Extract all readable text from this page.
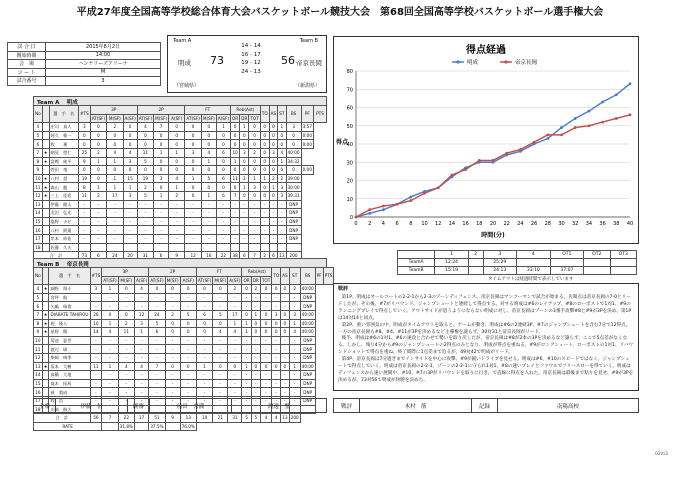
平成27年度全国高等学校総合体育大会バスケットボール競技大会　第68回全国高等学校バスケットボール選手権大会
試 合 日	2015年8月2日
開始時間	14:00
会　場	ハンナリーズアリーナ
コ ー ト	M
試合番号	3
Team A	Team B
明成	帝京長岡
73	56
14 - 14
16 - 17
19 - 12
24 - 13
（宮城県）	（新潟県）
Team A　 明成
No		選　手　名	#TS	3P			2P			FT			Reb(Ast)			TO	AS	ST	BS	PF	PTS
				AT(SF)	M(SF)	A(SF)	AT(SF)	M(SF)	A(SF)	AT(SF)	M(SF)	A(SF)	OR	DR	TOT						
4		庄司　真人	3	0	2	0	4	7	0	0	0	1	0	1	0	0	0	1	3	3:57	
5		阿久　惟一	0	0	0	0	0	0	0	0	0	0	0	0	0	0	0	0	0	0:00	
6		牧　　薫	0	0	0	0	0	0	0	0	0	0	0	0	0	0	0	0	0	0:00	
7	★	納見　悠仁	25	2	4	4	11	1	1	3	4	6	10	3	2	0	3	4	40:00		
8	★	富樫　純平	9	1	1	3	5	0	0	0	1	0	1	0	0	0	0	1	34:32		
9		菅田　竜	0	0	0	0	0	0	0	0	0	0	0	0	0	0	0	0	0	0:00	
10	★	八村　塁	19	0	1	15	19	3	4	1	5	6	11	2	1	1	2	2	39:00		
11	★	森山　龍	8	1	1	1	2	0	1	0	0	0	0	1	3	0	1	3	30:00		
12	★	三上　佳希	11	2	17	3	5	1	2	0	1	6	7	0	0	0	0	3	39:31		
13		伊藤　健人	-	-	-	-	-	-	-	-	-	-	-	-	-	-	-	-	DNP		
14		北沢　弘光	-	-	-	-	-	-	-	-	-	-	-	-	-	-	-	-	DNP		
15		塩野　ナビ	-	-	-	-	-	-	-	-	-	-	-	-	-	-	-	-	DNP		
16		八村　阿蓮	-	-	-	-	-	-	-	-	-	-	-	-	-	-	-	-	DNP		
17		岸本　紗佑	-	-	-	-	-	-	-	-	-	-	-	-	-	-	-	-	DNP		
18		佐藤　久夫																			
合　計			73	6	24	20	31	6	9	12	16	22	38	6	7	2	6	13	200		

Team B　 帝京長岡
No		選　手　名	#TS	3P			2P			FT			Reb(Ast)			TO	AS	ST	BS	PF	PTS
				AT(SF)	M(SF)	A(SF)	AT(SF)	M(SF)	A(SF)	AT(SF)	M(SF)	A(SF)	OR	DR	TOT						
4	★	細野　翔斗	3	1	0	4	0	0	0	0	0	2	0	2	0	0	0	2	40:00		
5		宮坪　航	-	-	-	-	-	-	-	-	-	-	-	-	-	-	-	-	DNP		
6		矢嶋　瑞貴	-	-	-	-	-	-	-	-	-	-	-	-	-	-	-	-	DNP		
7	★	DIABATE TAHIROU	26	0	0	12	24	2	5	6	5	17	0	1	0	3	0	3	40:00		
8	★	祝　隆人	10	1	2	3	5	0	0	0	0	1	1	0	0	0	0	1	40:00		
9	★	星野　陽	14	4	11	1	6	0	0	0	4	4	1	0	0	0	0	4	40:00		
10		菊池　夏世	-	-	-	-	-	-	-	-	-	-	-	-	-	-	-	-	DNP		
11		渡辺　瑛	-	-	-	-	-	-	-	-	-	-	-	-	-	-	-	-	DNP		
12		柴崎　絢季	-	-	-	-	-	-	-	-	-	-	-	-	-	-	-	-	DNP		
13	★	坂本　大樹	11	1	4	4	7	0	0	1	0	0	1	0	0	0	0	1	40:00		
14		髙橋　大地	-	-	-	-	-	-	-	-	-	-	-	-	-	-	-	-	DNP		
15		髙木　拓馬	-	-	-	-	-	-	-	-	-	-	-	-	-	-	-	-	DNP		
16		萩　梨成	-	-	-	-	-	-	-	-	-	-	-	-	-	-	-	-	DNP		
17		牧　浩	-	-	-	-	-	-	-	-	-	-	-	-	-	-	-	-	DNP		
18		川崎　修大																			
合　計			56	7	22	17	51	9	13	10	21	31	5	5	4	4	13	200			
RATE					31.8%		37.5%		76.0%												
得点経過
明成	帝京長岡
0
10
20
30
40
50
60
70
80
0 2 4 6 8 10 12 14 16 18 20 22 24 26 28 30 32 34 36 38 40
時間(分)
得点
	1	2	3	4	OT1	OT2	OT3
TeamA	12:24		25:29				
TeamB	15:19		24:13	33:10	37:07		
タイムアウトは経過時間で表示しています
戦評

第1P、明成はオールコートの2-2-1から2-3のゾーンディフェンス、帝京長岡はマンツーマンで試合が始まる。先制点は帝京長岡の7-0とリードしたが、その後、#7がリバウンド、ジャンプシュートと連続して得点する。対する明成は#6のレイアップ、#8のローポストで1対1、#9のランニングプレイで得点していく。アウトサイドが思うようにならない明成に対し、帝京長岡はゾーンの3番手攻撃#8と#9が3Pを決め、第1Pは14対14と同点。

第2P、重い雰囲気の中、明成がタイムアウトを取ると、ゲームが動き、明成は#6の2連続3P、#7のジャンプシュートを含む7分で12得点。一方の帝京長岡も#8、#4、#11が3Pを決めるなど主導権を譲らず、30対31と帝京長岡がリード。

後半、明成は#6の1対1、#6の速攻と合わせて勢いを取り戻したが、帝京長岡は#8が2本の3Pを決めるなど譲らず、ここで5点差がなくなる。しかし、残り4分から#9のジャンプシュートの2得点のみとなり、明成が得点を重ねる。#9がロングシュート、ローポストの1対1、リバウンドショットで得点を重ね、終了間際に1点差まで迫るが、49対42で明成がリード。

第4P、帝京長岡は7分過ぎまでインサイドを中心に攻撃、#9が鋭いドライブを見せる。明成は#6、#10のスピードではなく、ジャンプシュートで得点していく。明成は帝京長岡の2-2-1、ゾーンの2-2-1に守られ1対1、#8の速いプレイとファウルでフリースローを得ていく。明成はディフェンスから速い展開中、#10、#7の3Pがリバウンドを取りに行き、で直線に得点を入れた。帝京長岡は最後まで粘りを見せ、#9が3Pを決めるが、73対56で明成が快勝を決めた。

主審	伊藤　恒	副審	前田　喜満	渡邊　整	戦評	木村　筋	記録	南陽高校
02m3
